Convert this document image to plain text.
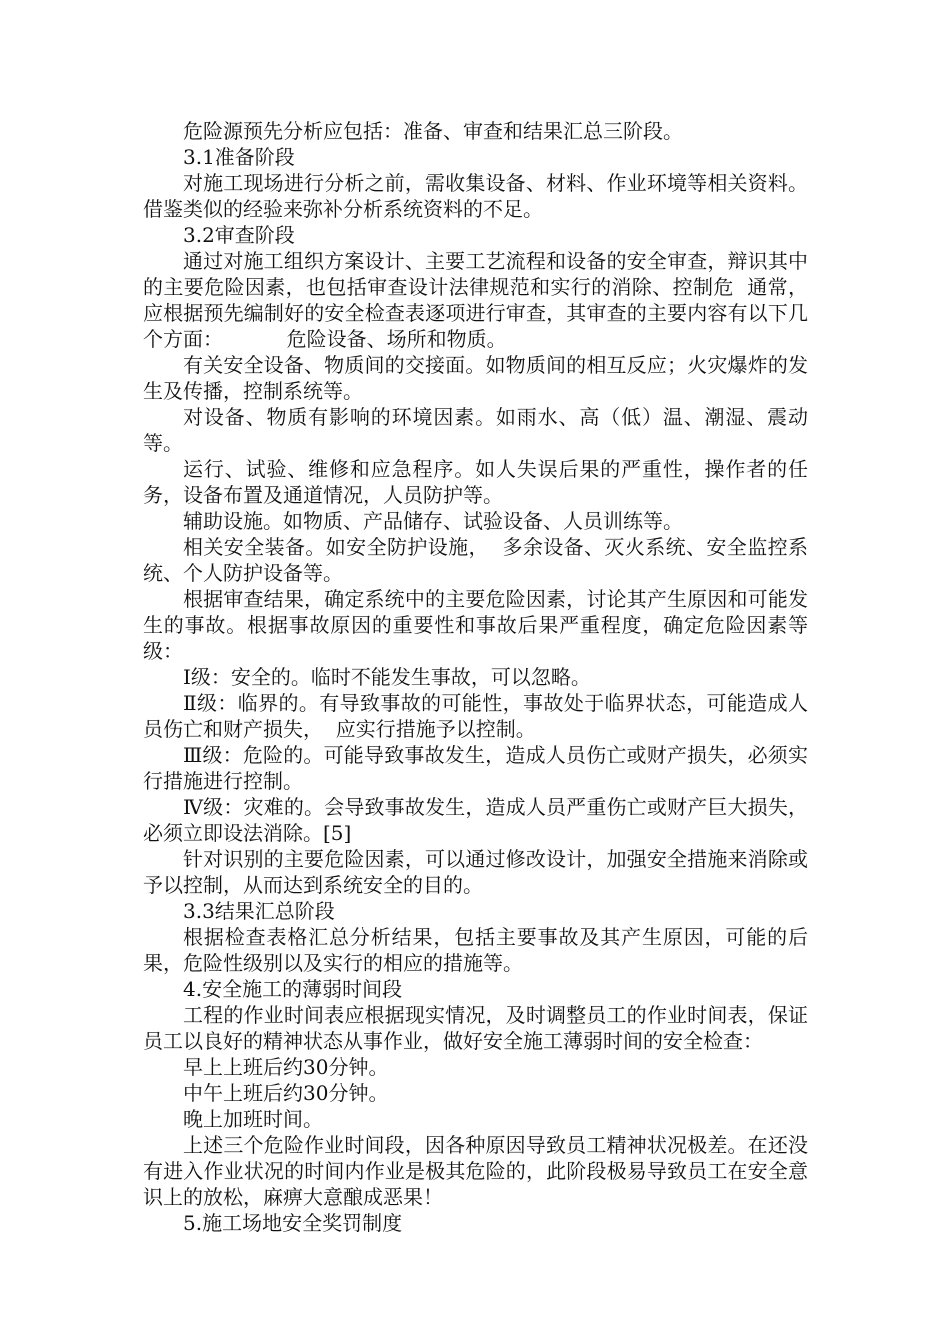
危险源预先分析应包括：准备、审查和结果汇总三阶段。

3.1准备阶段

对施工现场进行分析之前，需收集设备、材料、作业环境等相关资料。借鉴类似的经验来弥补分析系统资料的不足。

3.2审查阶段

通过对施工组织方案设计、主要工艺流程和设备的安全审查，辩识其中的主要危险因素，也包括审查设计法律规范和实行的消除、控制危  通常，应根据预先编制好的安全检查表逐项进行审查，其审查的主要内容有以下几个方面：          危险设备、场所和物质。

有关安全设备、物质间的交接面。如物质间的相互反应；火灾爆炸的发生及传播，控制系统等。

对设备、物质有影响的环境因素。如雨水、高（低）温、潮湿、震动等。

运行、试验、维修和应急程序。如人失误后果的严重性，操作者的任务，设备布置及通道情况，人员防护等。

辅助设施。如物质、产品储存、试验设备、人员训练等。

相关安全装备。如安全防护设施，  多余设备、灭火系统、安全监控系统、个人防护设备等。

根据审查结果，确定系统中的主要危险因素，讨论其产生原因和可能发生的事故。根据事故原因的重要性和事故后果严重程度，确定危险因素等级：

Ⅰ级：安全的。临时不能发生事故，可以忽略。

Ⅱ级：临界的。有导致事故的可能性，事故处于临界状态，可能造成人员伤亡和财产损失，  应实行措施予以控制。

Ⅲ级：危险的。可能导致事故发生，造成人员伤亡或财产损失，必须实行措施进行控制。

Ⅳ级：灾难的。会导致事故发生，造成人员严重伤亡或财产巨大损失，  必须立即设法消除。[5]

针对识别的主要危险因素，可以通过修改设计，加强安全措施来消除或予以控制，从而达到系统安全的目的。

3.3结果汇总阶段

根据检查表格汇总分析结果，包括主要事故及其产生原因，可能的后果，危险性级别以及实行的相应的措施等。

4.安全施工的薄弱时间段

工程的作业时间表应根据现实情况，及时调整员工的作业时间表，保证员工以良好的精神状态从事作业，做好安全施工薄弱时间的安全检查：

早上上班后约30分钟。

中午上班后约30分钟。

晚上加班时间。

上述三个危险作业时间段，因各种原因导致员工精神状况极差。在还没有进入作业状况的时间内作业是极其危险的，此阶段极易导致员工在安全意识上的放松，麻痹大意酿成恶果！

5.施工场地安全奖罚制度
